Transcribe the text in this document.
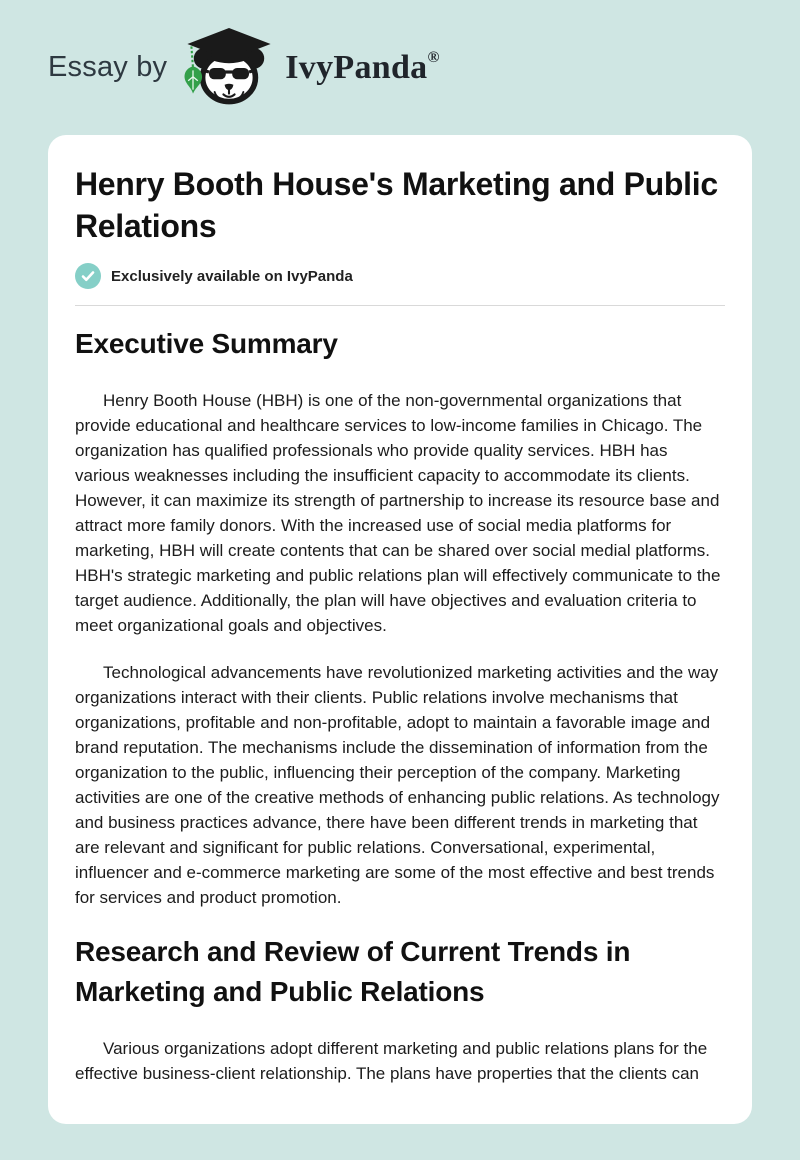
Essay by	IvyPanda ®
Henry Booth House's Marketing and Public Relations
Exclusively available on IvyPanda
Executive Summary

Henry Booth House (HBH) is one of the non-governmental organizations that provide educational and healthcare services to low-income families in Chicago. The organization has qualified professionals who provide quality services. HBH has various weaknesses including the insufficient capacity to accommodate its clients. However, it can maximize its strength of partnership to increase its resource base and attract more family donors. With the increased use of social media platforms for marketing, HBH will create contents that can be shared over social medial platforms. HBH's strategic marketing and public relations plan will effectively communicate to the target audience. Additionally, the plan will have objectives and evaluation criteria to meet organizational goals and objectives.

Technological advancements have revolutionized marketing activities and the way organizations interact with their clients. Public relations involve mechanisms that organizations, profitable and non-profitable, adopt to maintain a favorable image and brand reputation. The mechanisms include the dissemination of information from the organization to the public, influencing their perception of the company. Marketing activities are one of the creative methods of enhancing public relations. As technology and business practices advance, there have been different trends in marketing that are relevant and significant for public relations. Conversational, experimental, influencer and e-commerce marketing are some of the most effective and best trends for services and product promotion.

Research and Review of Current Trends in Marketing and Public Relations

Various organizations adopt different marketing and public relations plans for the effective business-client relationship. The plans have properties that the clients can
